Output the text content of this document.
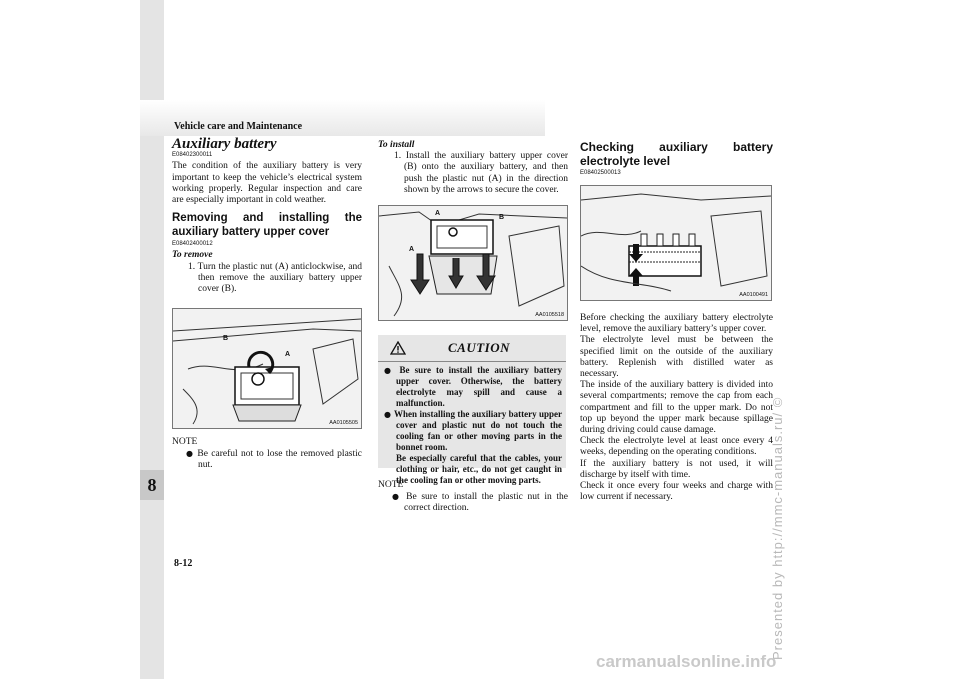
Vehicle care and Maintenance
8
8-12	Presented by http://mmc-manuals.ru/ ©
carmanualsonline.info

Auxiliary battery

E08402300011

The condition of the auxiliary battery is very important to keep the vehicle’s electrical system working properly. Regular inspection and care are especially important in cold weather.

Removing and installing the auxiliary battery upper cover

E08402400012

To remove

1. Turn the plastic nut (A) anticlockwise, and then remove the auxiliary battery upper cover (B).

B
A
AA0105505

NOTE

● Be careful not to lose the removed plastic nut.

To install

1. Install the auxiliary battery upper cover (B) onto the auxiliary battery, and then push the plastic nut (A) in the direction shown by the arrows to secure the cover.

A
A
B
AA0105518
CAUTION

● Be sure to install the auxiliary battery upper cover. Otherwise, the battery electrolyte may spill and cause a malfunction.

● When installing the auxiliary battery upper cover and plastic nut do not touch the cooling fan or other moving parts in the bonnet room.

Be especially careful that the cables, your clothing or hair, etc., do not get caught in the cooling fan or other moving parts.

NOTE

● Be sure to install the plastic nut in the correct direction.

Checking auxiliary battery electrolyte level

E08402500013

AA0100491

Before checking the auxiliary battery electrolyte level, remove the auxiliary battery’s upper cover.

The electrolyte level must be between the specified limit on the outside of the auxiliary battery. Replenish with distilled water as necessary.

The inside of the auxiliary battery is divided into several compartments; remove the cap from each compartment and fill to the upper mark. Do not top up beyond the upper mark because spillage during driving could cause damage.

Check the electrolyte level at least once every 4 weeks, depending on the operating conditions.

If the auxiliary battery is not used, it will discharge by itself with time.

Check it once every four weeks and charge with low current if necessary.
